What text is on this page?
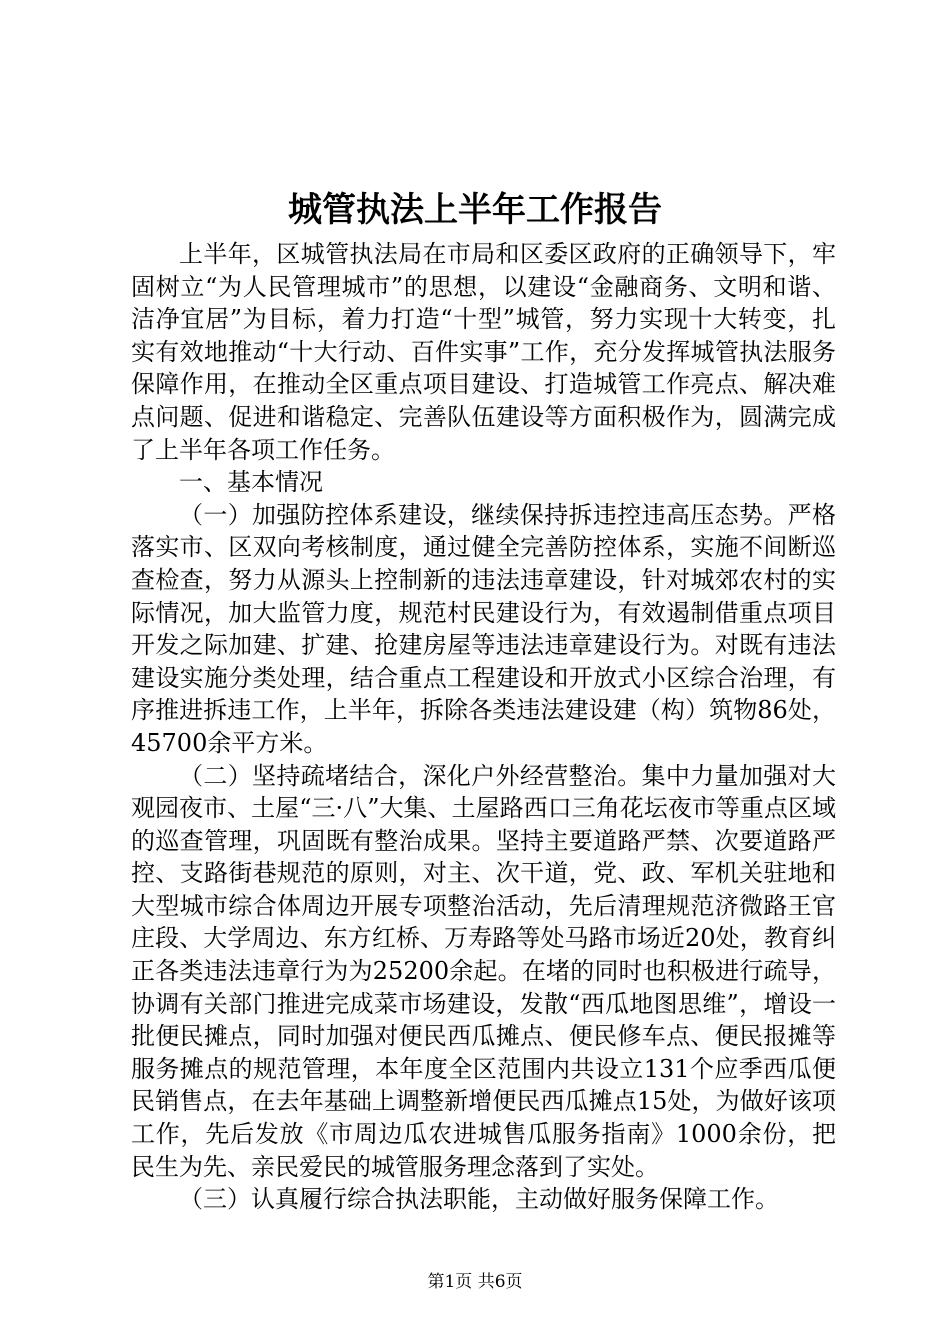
城管执法上半年工作报告

上半年，区城管执法局在市局和区委区政府的正确领导下，牢固树立“为人民管理城市”的思想，以建设“金融商务、文明和谐、洁净宜居”为目标，着力打造“十型”城管，努力实现十大转变，扎实有效地推动“十大行动、百件实事”工作，充分发挥城管执法服务保障作用，在推动全区重点项目建设、打造城管工作亮点、解决难点问题、促进和谐稳定、完善队伍建设等方面积极作为，圆满完成了上半年各项工作任务。

一、基本情况

（一）加强防控体系建设，继续保持拆违控违高压态势。严格落实市、区双向考核制度，通过健全完善防控体系，实施不间断巡查检查，努力从源头上控制新的违法违章建设，针对城郊农村的实际情况，加大监管力度，规范村民建设行为，有效遏制借重点项目开发之际加建、扩建、抢建房屋等违法违章建设行为。对既有违法建设实施分类处理，结合重点工程建设和开放式小区综合治理，有序推进拆违工作，上半年，拆除各类违法建设建（构）筑物86处，45700余平方米。

（二）坚持疏堵结合，深化户外经营整治。集中力量加强对大观园夜市、土屋“三·八”大集、土屋路西口三角花坛夜市等重点区域的巡查管理，巩固既有整治成果。坚持主要道路严禁、次要道路严控、支路街巷规范的原则，对主、次干道，党、政、军机关驻地和大型城市综合体周边开展专项整治活动，先后清理规范济微路王官庄段、大学周边、东方红桥、万寿路等处马路市场近20处，教育纠正各类违法违章行为为25200余起。在堵的同时也积极进行疏导，协调有关部门推进完成菜市场建设，发散“西瓜地图思维”，增设一批便民摊点，同时加强对便民西瓜摊点、便民修车点、便民报摊等服务摊点的规范管理，本年度全区范围内共设立131个应季西瓜便民销售点，在去年基础上调整新增便民西瓜摊点15处，为做好该项工作，先后发放《市周边瓜农进城售瓜服务指南》1000余份，把民生为先、亲民爱民的城管服务理念落到了实处。

（三）认真履行综合执法职能，主动做好服务保障工作。

第1页 共6页
